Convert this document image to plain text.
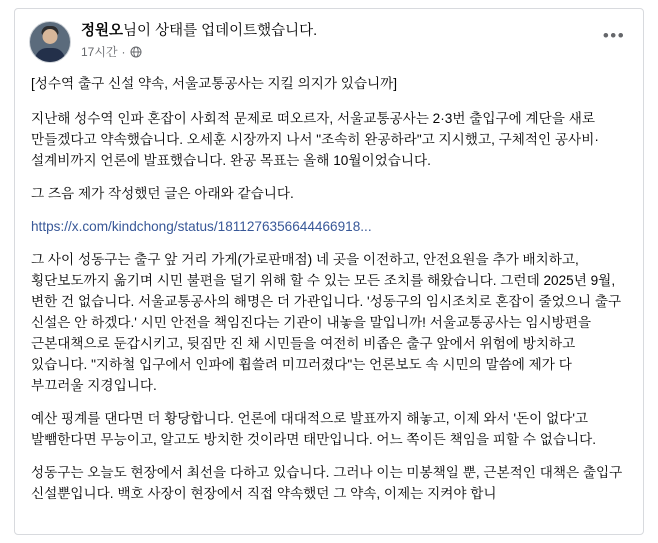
정원오님이 상태를 업데이트했습니다.
17시간 ·
•••

[성수역 출구 신설 약속, 서울교통공사는 지킬 의지가 있습니까]

지난해 성수역 인파 혼잡이 사회적 문제로 떠오르자, 서울교통공사는 2·3번 출입구에 계단을 새로 만들겠다고 약속했습니다. 오세훈 시장까지 나서 "조속히 완공하라"고 지시했고, 구체적인 공사비·설계비까지 언론에 발표했습니다. 완공 목표는 올해 10월이었습니다.

그 즈음 제가 작성했던 글은 아래와 같습니다.

https://x.com/kindchong/status/1811276356644466918...

그 사이 성동구는 출구 앞 거리 가게(가로판매점) 네 곳을 이전하고, 안전요원을 추가 배치하고, 횡단보도까지 옮기며 시민 불편을 덜기 위해 할 수 있는 모든 조치를 해왔습니다. 그런데 2025년 9월, 변한 건 없습니다. 서울교통공사의 해명은 더 가관입니다. '성동구의 임시조치로 혼잡이 줄었으니 출구 신설은 안 하겠다.' 시민 안전을 책임진다는 기관이 내놓을 말입니까! 서울교통공사는 임시방편을 근본대책으로 둔갑시키고, 뒷짐만 진 채 시민들을 여전히 비좁은 출구 앞에서 위험에 방치하고 있습니다. "지하철 입구에서 인파에 휩쓸려 미끄러졌다"는 언론보도 속 시민의 말씀에 제가 다 부끄러울 지경입니다.

예산 핑계를 댄다면 더 황당합니다. 언론에 대대적으로 발표까지 해놓고, 이제 와서 '돈이 없다'고 발뺌한다면 무능이고, 알고도 방치한 것이라면 태만입니다. 어느 쪽이든 책임을 피할 수 없습니다.

성동구는 오늘도 현장에서 최선을 다하고 있습니다. 그러나 이는 미봉책일 뿐, 근본적인 대책은 출입구 신설뿐입니다. 백호 사장이 현장에서 직접 약속했던 그 약속, 이제는 지켜야 합니
